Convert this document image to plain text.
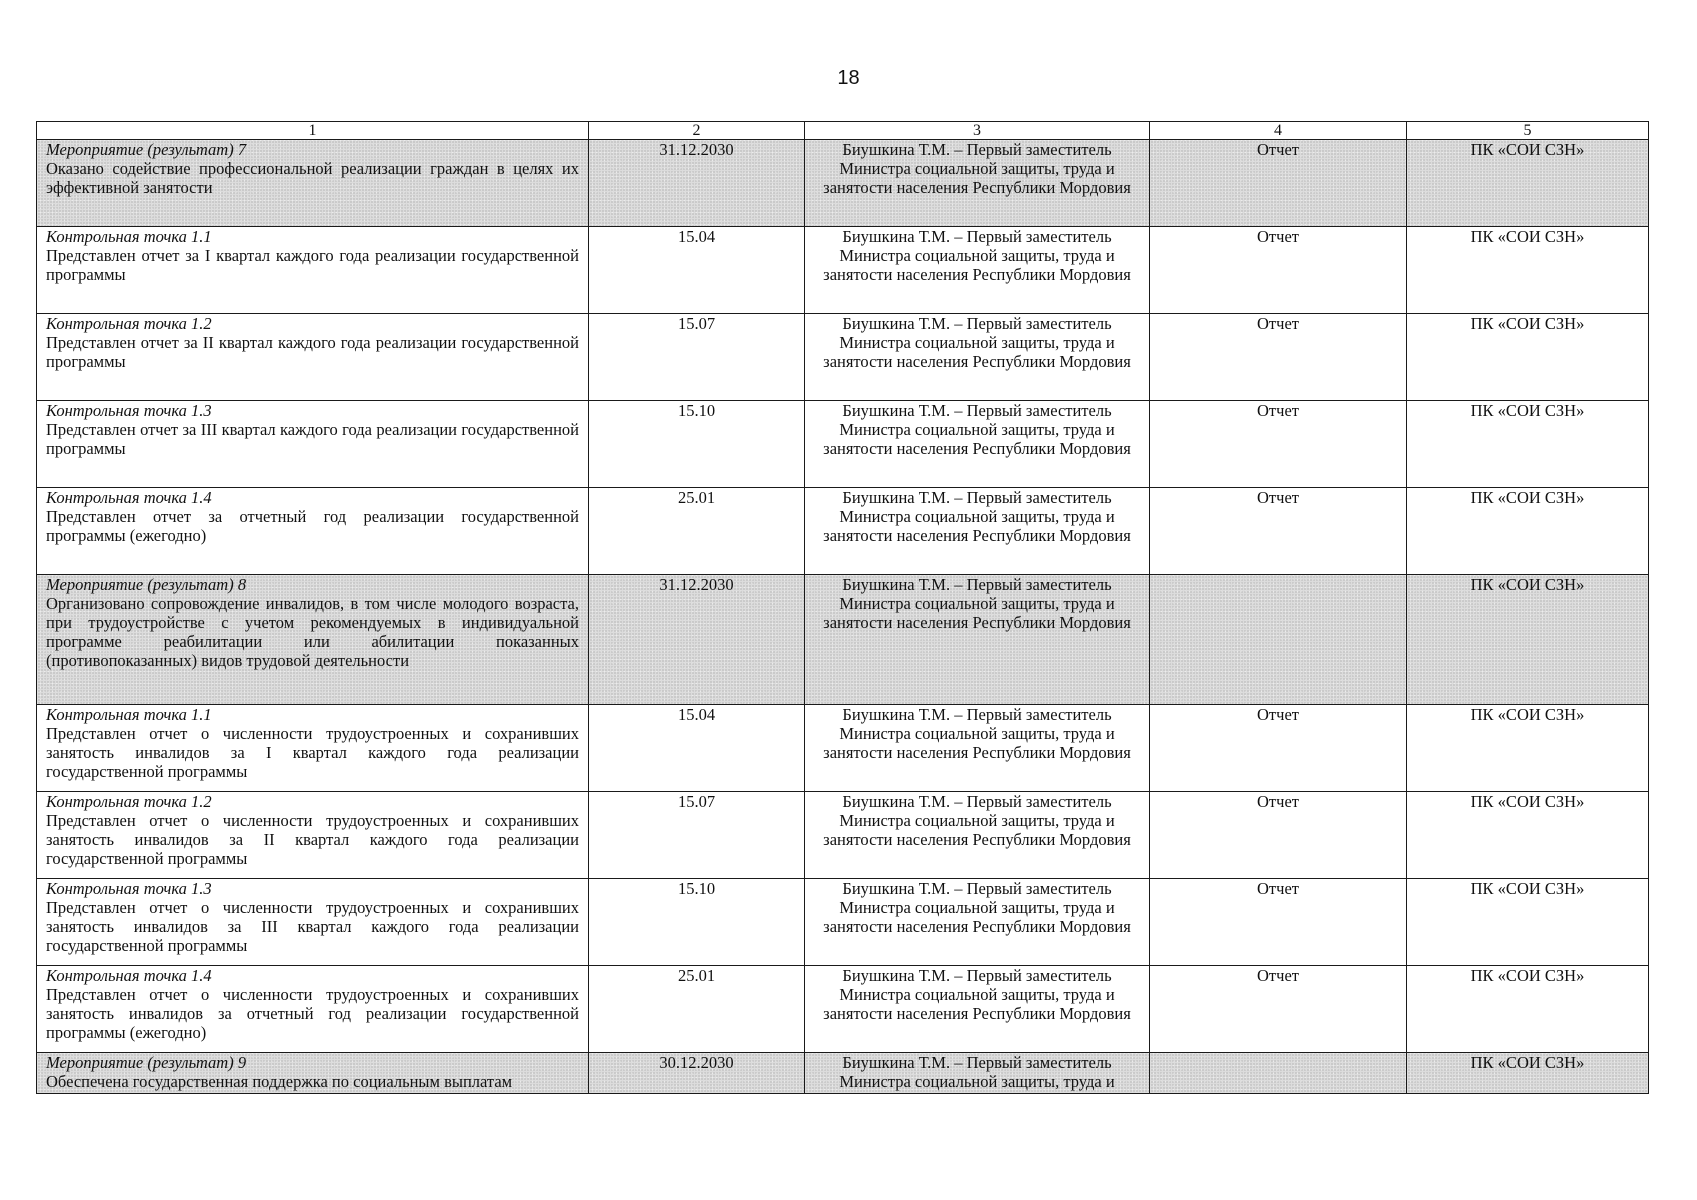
18
1	2	3	4	5

Мероприятие (результат) 7
Оказано содействие профессиональной реализации граждан в целях их эффективной занятости	31.12.2030	Биушкина Т.М. – Первый заместитель Министра социальной защиты, труда и занятости населения Республики Мордовия	Отчет	ПК «СОИ СЗН»

Контрольная точка 1.1
Представлен отчет за I квартал каждого года реализации государственной программы	15.04	Биушкина Т.М. – Первый заместитель Министра социальной защиты, труда и занятости населения Республики Мордовия	Отчет	ПК «СОИ СЗН»

Контрольная точка 1.2
Представлен отчет за II квартал каждого года реализации государственной программы	15.07	Биушкина Т.М. – Первый заместитель Министра социальной защиты, труда и занятости населения Республики Мордовия	Отчет	ПК «СОИ СЗН»

Контрольная точка 1.3
Представлен отчет за III квартал каждого года реализации государственной программы	15.10	Биушкина Т.М. – Первый заместитель Министра социальной защиты, труда и занятости населения Республики Мордовия	Отчет	ПК «СОИ СЗН»

Контрольная точка 1.4
Представлен отчет за отчетный год реализации государственной программы (ежегодно)	25.01	Биушкина Т.М. – Первый заместитель Министра социальной защиты, труда и занятости населения Республики Мордовия	Отчет	ПК «СОИ СЗН»

Мероприятие (результат) 8
Организовано сопровождение инвалидов, в том числе молодого возраста, при трудоустройстве с учетом рекомендуемых в индивидуальной программе реабилитации или абилитации показанных (противопоказанных) видов трудовой деятельности	31.12.2030	Биушкина Т.М. – Первый заместитель Министра социальной защиты, труда и занятости населения Республики Мордовия		ПК «СОИ СЗН»

Контрольная точка 1.1
Представлен отчет о численности трудоустроенных и сохранивших занятость инвалидов за I квартал каждого года реализации государственной программы	15.04	Биушкина Т.М. – Первый заместитель Министра социальной защиты, труда и занятости населения Республики Мордовия	Отчет	ПК «СОИ СЗН»

Контрольная точка 1.2
Представлен отчет о численности трудоустроенных и сохранивших занятость инвалидов за II квартал каждого года реализации государственной программы	15.07	Биушкина Т.М. – Первый заместитель Министра социальной защиты, труда и занятости населения Республики Мордовия	Отчет	ПК «СОИ СЗН»

Контрольная точка 1.3
Представлен отчет о численности трудоустроенных и сохранивших занятость инвалидов за III квартал каждого года реализации государственной программы	15.10	Биушкина Т.М. – Первый заместитель Министра социальной защиты, труда и занятости населения Республики Мордовия	Отчет	ПК «СОИ СЗН»

Контрольная точка 1.4
Представлен отчет о численности трудоустроенных и сохранивших занятость инвалидов за отчетный год реализации государственной программы (ежегодно)	25.01	Биушкина Т.М. – Первый заместитель Министра социальной защиты, труда и занятости населения Республики Мордовия	Отчет	ПК «СОИ СЗН»

Мероприятие (результат) 9
Обеспечена государственная поддержка по социальным выплатам	30.12.2030	Биушкина Т.М. – Первый заместитель Министра социальной защиты, труда и		ПК «СОИ СЗН»
